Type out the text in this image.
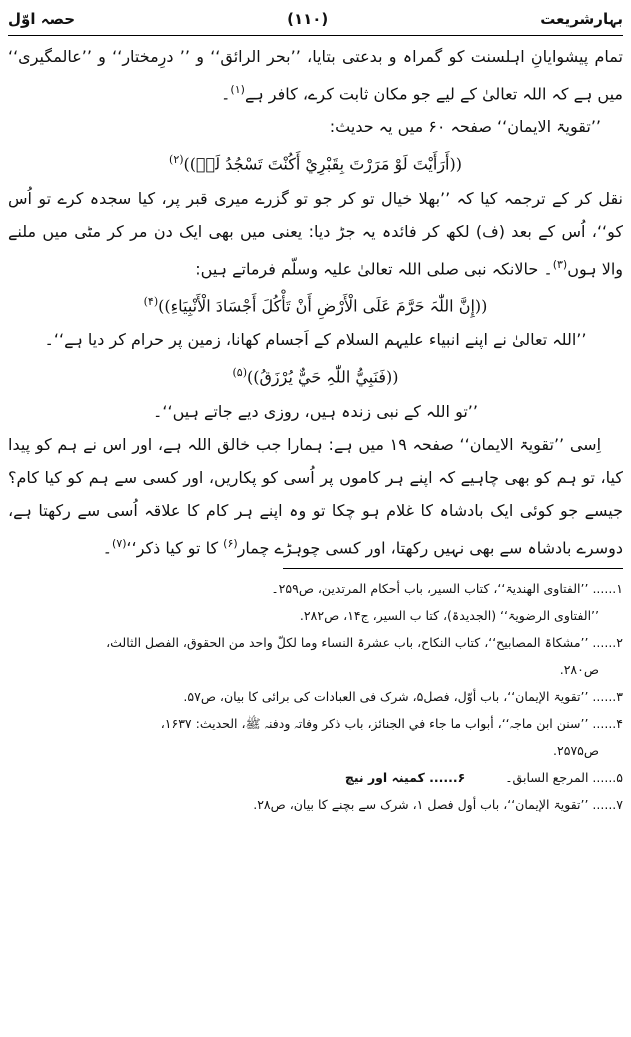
بہارشریعت
(۱۱۰)
حصہ اوّل

تمام پیشوایانِ اہلسنت کو گمراہ و بدعتی بتایا، ’’بحر الرائق‘‘ و ’’ درِمختار‘‘ و ’’عالمگیری‘‘ میں ہے کہ اللہ تعالیٰ کے لیے جو مکان ثابت کرے، کافر ہے$^{(۱)}$۔

’’تقویۃ الایمان‘‘ صفحہ ۶۰ میں یہ حدیث:

((أَرَأَیْتَ لَوْ مَرَرْتَ بِقَبْرِيْ أَکُنْتَ تَسْجُدُ لَہٗ))$^{(۲)}$

نقل کر کے ترجمہ کیا کہ ’’بھلا خیال تو کر جو تو گزرے میری قبر پر، کیا سجدہ کرے تو اُس کو‘‘، اُس کے بعد (ف) لکھ کر فائدہ یہ جڑ دیا: یعنی میں بھی ایک دن مر کر مٹی میں ملنے والا ہوں$^{(۳)}$۔ حالانکہ نبی صلی اللہ تعالیٰ علیہ وسلّم فرماتے ہیں:

((إِنَّ اللّٰہَ حَرَّمَ عَلَی الْأَرْضِ أَنْ تَأْکُلَ أَجْسَادَ الْأَنْبِیَاءِ))$^{(۴)}$

’’اللہ تعالیٰ نے اپنے انبیاء علیہم السلام کے اَجسام کھانا، زمین پر حرام کر دیا ہے‘‘۔

((فَنَبِيُّ اللّٰہِ حَيٌّ یُرْزَقُ))$^{(۵)}$

’’تو اللہ کے نبی زندہ ہیں، روزی دیے جاتے ہیں‘‘۔

اِسی ’’تقویۃ الایمان‘‘ صفحہ ۱۹ میں ہے: ہمارا جب خالق اللہ ہے، اور اس نے ہم کو پیدا کیا، تو ہم کو بھی چاہیے کہ اپنے ہر کاموں پر اُسی کو پکاریں، اور کسی سے ہم کو کیا کام؟ جیسے جو کوئی ایک بادشاہ کا غلام ہو چکا تو وہ اپنے ہر کام کا علاقہ اُسی سے رکھتا ہے، دوسرے بادشاہ سے بھی نہیں رکھتا، اور کسی چوہڑے چمار$^{(۶)}$ کا تو کیا ذکر‘‘$^{(۷)}$۔

۱...... ’’الفتاوی الھندیۃ‘‘، کتاب السیر، باب أحکام المرتدین، ص۲۵۹۔
’’الفتاوی الرضویۃ‘‘ (الجدیدۃ)، کتا ب السیر، ج۱۴، ص۲۸۲.
۲...... ’’مشکاۃ المصابیح‘‘، کتاب النکاح، باب عشرۃ النساء وما لکلّ واحد من الحقوق، الفصل الثالث،
ص۲۸۰.
۳...... ’’تقویۃ الإیمان‘‘، باب أوّل، فصل۵، شرک فی العبادات کی برائی کا بیان، ص۵۷.
۴...... ’’سنن ابن ماجہ‘‘، أبواب ما جاء في الجنائز، باب ذکر وفاتہ ودفنہ ﷺ، الحدیث: ۱۶۳۷،
ص۲۵۷۵.
۵...... المرجع السابق۔
۶...... کمینہ اور نیچ
۷...... ’’تقویۃ الإیمان‘‘، باب أول فصل ۱، شرک سے بچنے کا بیان، ص۲۸.
